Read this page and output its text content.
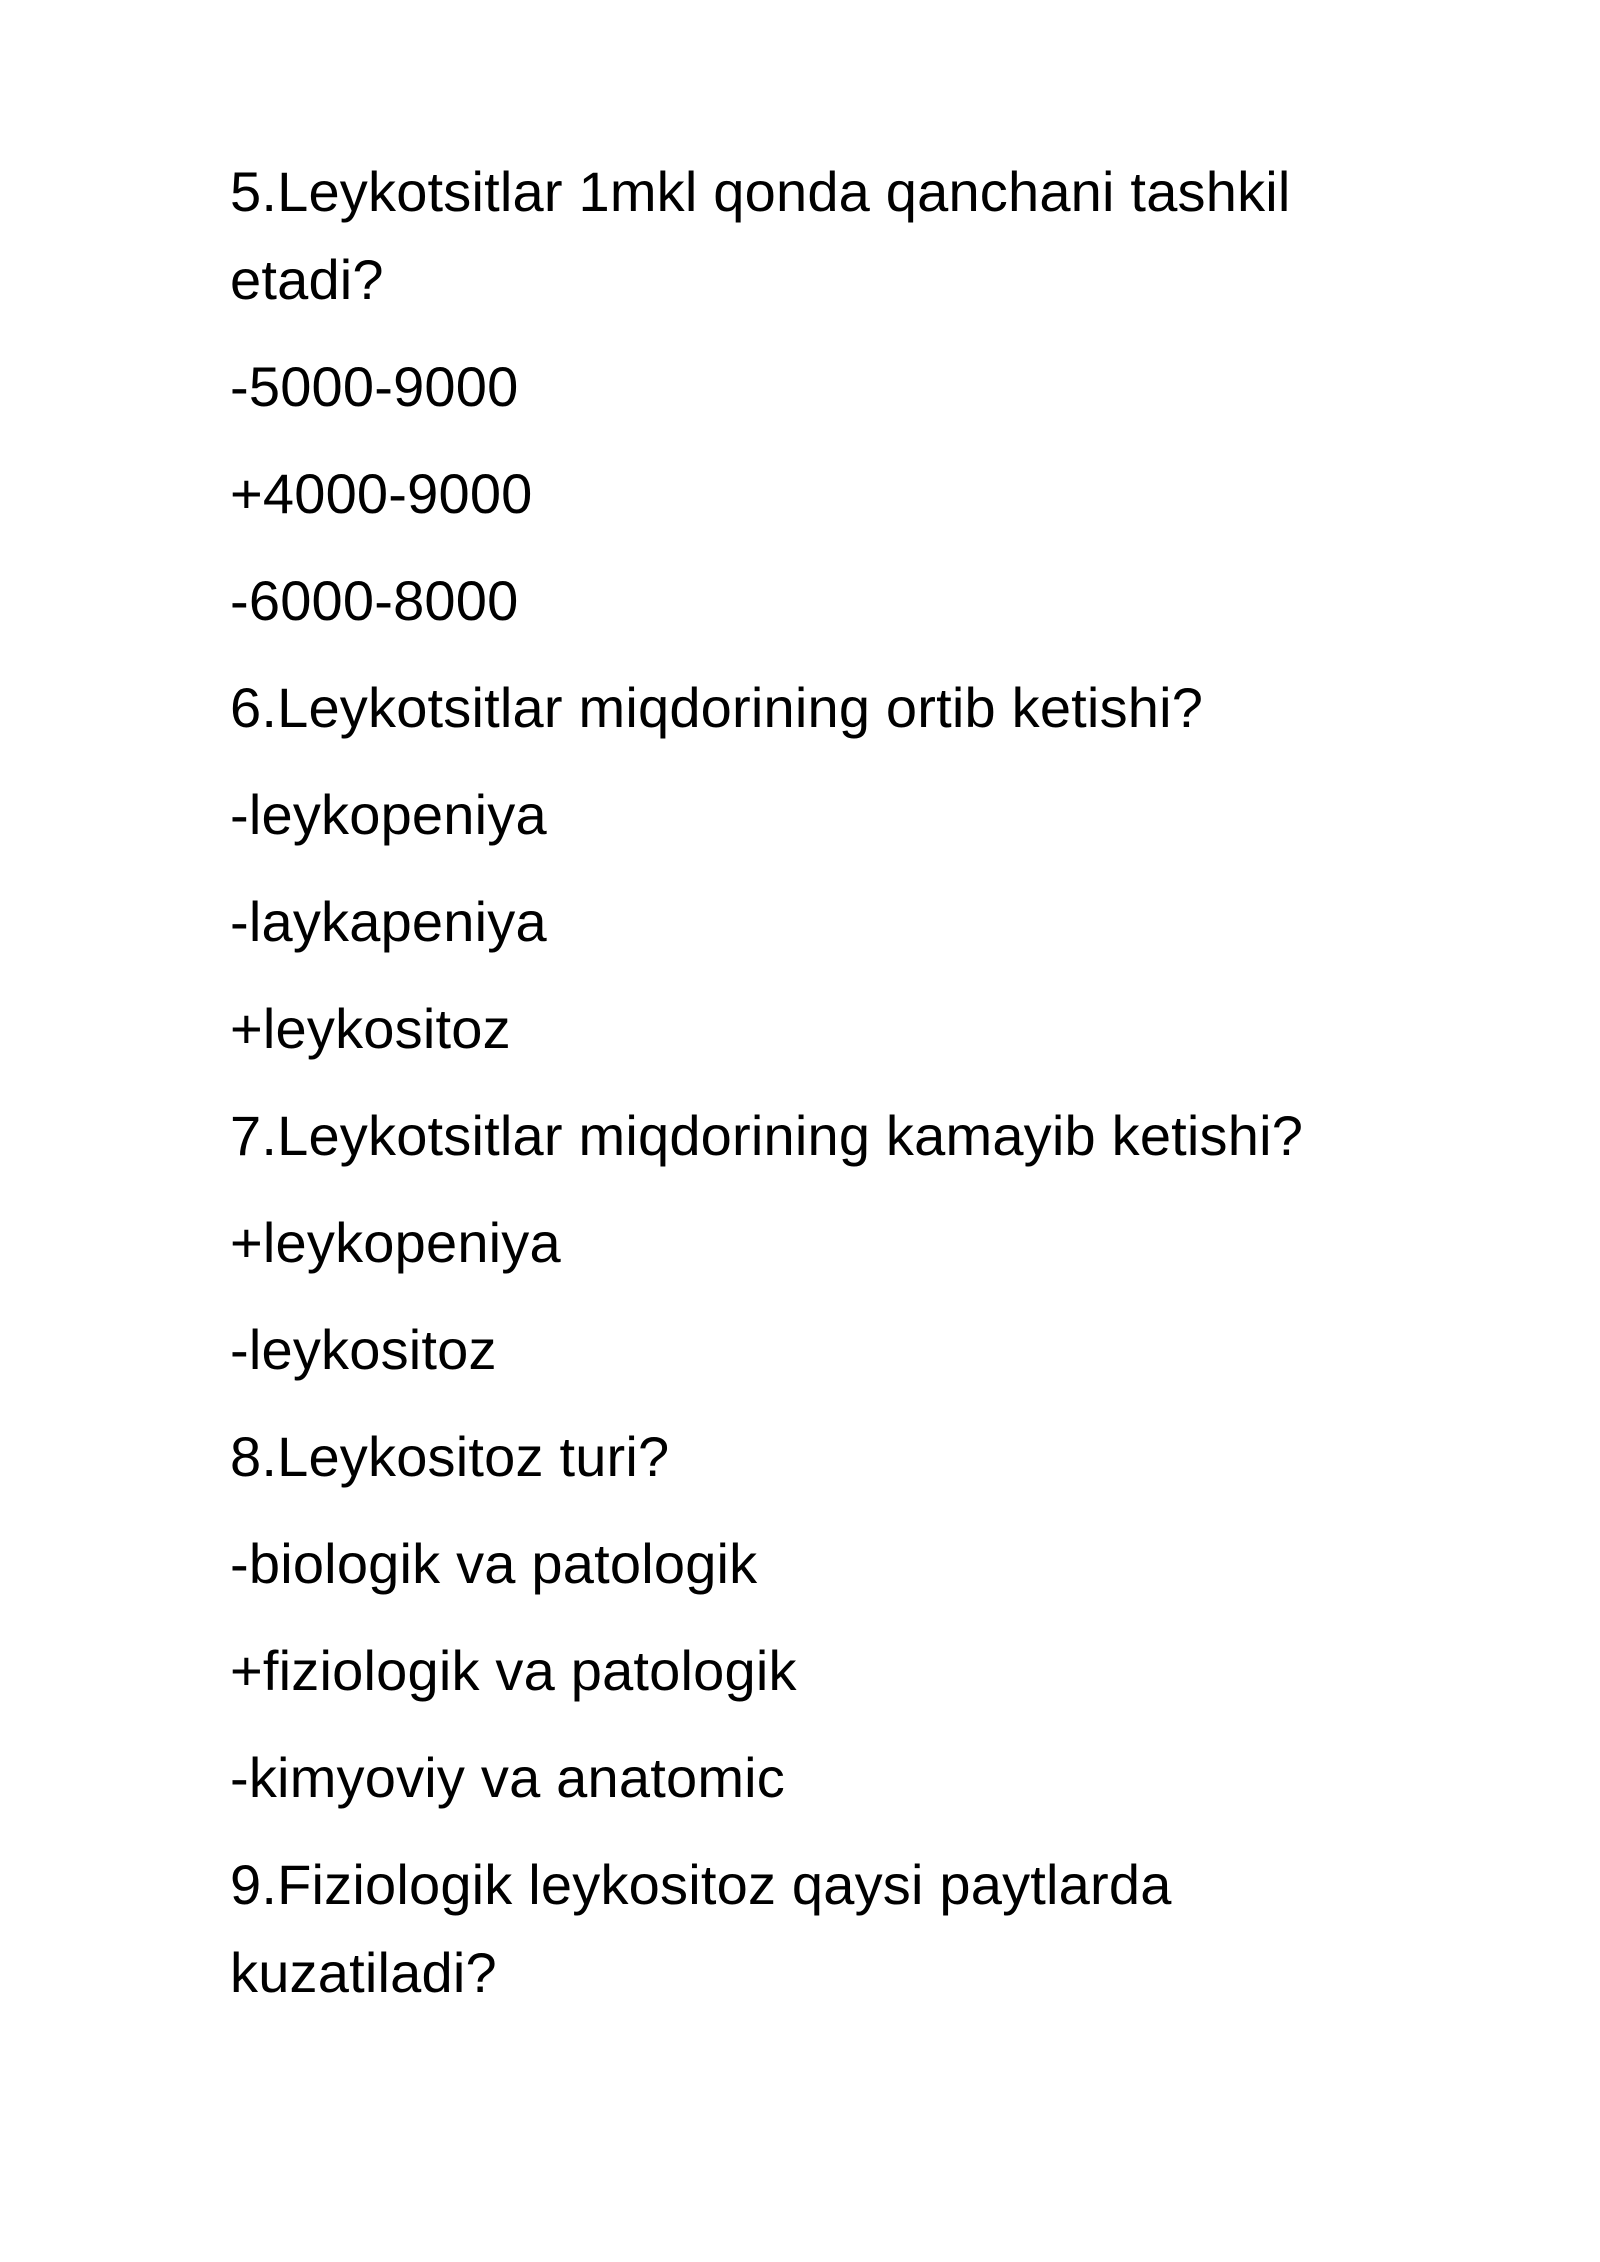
5.Leykotsitlar 1mkl qonda qanchani tashkil etadi?
-5000-9000
+4000-9000
-6000-8000
6.Leykotsitlar miqdorining ortib ketishi?
-leykopeniya
-laykapeniya
+leykositoz
7.Leykotsitlar miqdorining kamayib ketishi?
+leykopeniya
-leykositoz
8.Leykositoz turi?
-biologik va patologik
+fiziologik va patologik
-kimyoviy va anatomic
9.Fiziologik leykositoz qaysi paytlarda kuzatiladi?
